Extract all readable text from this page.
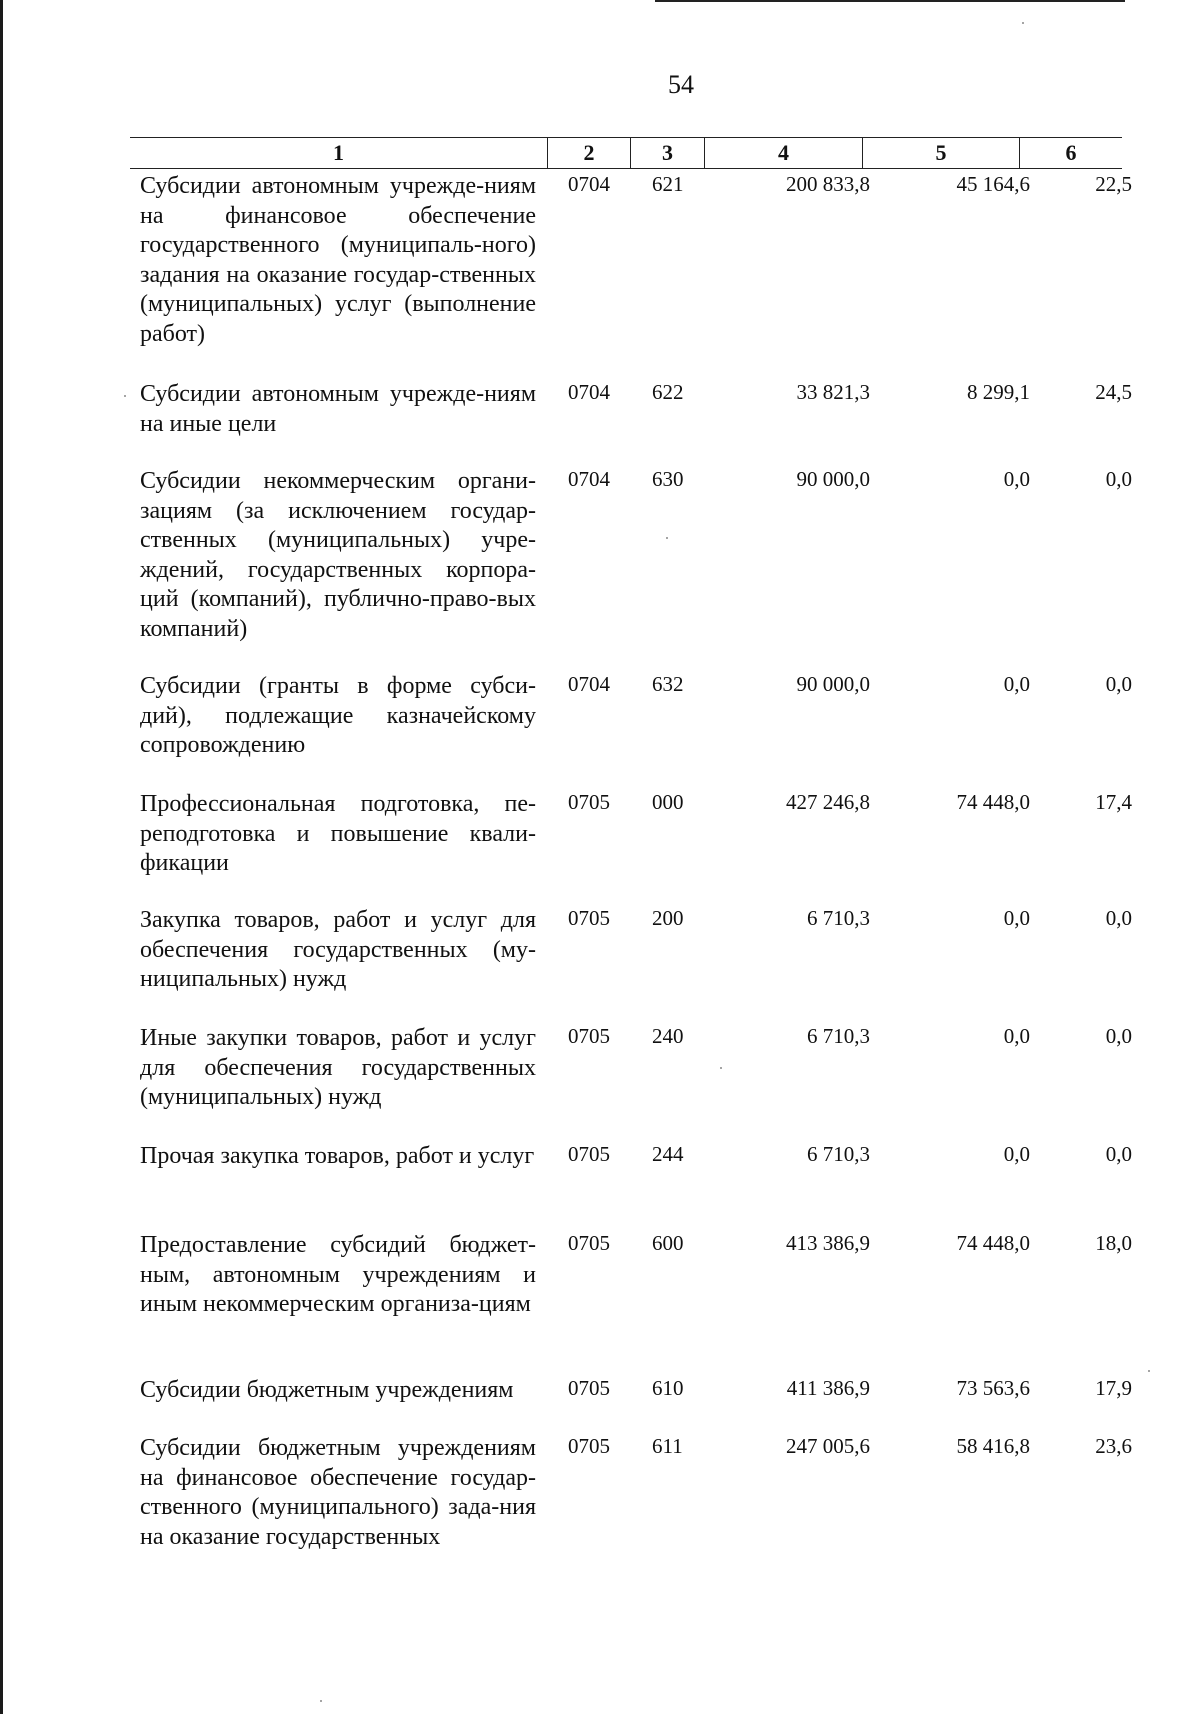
54
1	2	3	4	5	6
Субсидии автономным учрежде-ниям на финансовое обеспечение государственного (муниципаль-ного) задания на оказание государ-ственных (муниципальных) услуг (выполнение работ)
0704 621	200 833,8	45 164,6	22,5
Субсидии автономным учрежде-ниям на иные цели
0704 622	33 821,3	8 299,1	24,5
Субсидии некоммерческим органи-зациям (за исключением государ-ственных (муниципальных) учре-ждений, государственных корпора-ций (компаний), публично-право-вых компаний)
0704 630	90 000,0	0,0	0,0
Субсидии (гранты в форме субси-дий), подлежащие казначейскому сопровождению
0704 632	90 000,0	0,0	0,0
Профессиональная подготовка, пе-реподготовка и повышение квали-фикации
0705 000	427 246,8	74 448,0	17,4
Закупка товаров, работ и услуг для обеспечения государственных (му-ниципальных) нужд
0705 200	6 710,3	0,0	0,0
Иные закупки товаров, работ и услуг для обеспечения государственных (муниципальных) нужд
0705 240	6 710,3	0,0	0,0
Прочая закупка товаров, работ и услуг 0705 244	6 710,3	0,0	0,0
Предоставление субсидий бюджет-ным, автономным учреждениям и иным некоммерческим организа-циям
0705 600	413 386,9	74 448,0	18,0
Субсидии бюджетным учреждениям	0705 610	411 386,9	73 563,6	17,9
Субсидии бюджетным учреждениям на финансовое обеспечение государ-ственного (муниципального) зада-ния на оказание государственных
0705 611	247 005,6	58 416,8	23,6
